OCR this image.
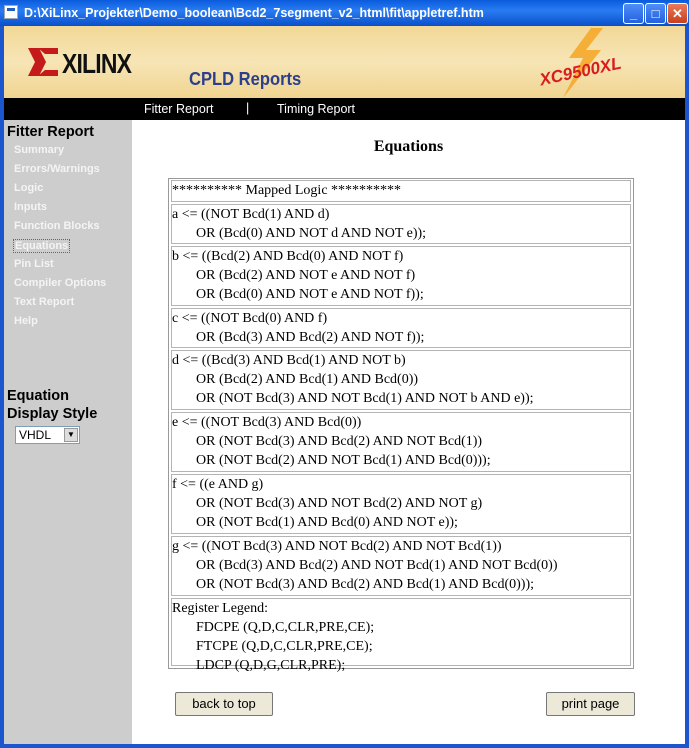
D:\XiLinx_Projekter\Demo_boolean\Bcd2_7segment_v2_html\fit\appletref.htm	_	□ ✕
XILINX	CPLD Reports	XC9500XL
Fitter Report	| Timing Report
Fitter Report
Summary
Errors/Warnings
Logic
Inputs
Function Blocks
Equations
Pin List
Compiler Options
Text Report
Help
Equation
Display Style
VHDL	▼
Equations
********** Mapped Logic **********
a <= ((NOT Bcd(1) AND d)
OR (Bcd(0) AND NOT d AND NOT e));
b <= ((Bcd(2) AND Bcd(0) AND NOT f)
OR (Bcd(2) AND NOT e AND NOT f)
OR (Bcd(0) AND NOT e AND NOT f));
c <= ((NOT Bcd(0) AND f)
OR (Bcd(3) AND Bcd(2) AND NOT f));
d <= ((Bcd(3) AND Bcd(1) AND NOT b)
OR (Bcd(2) AND Bcd(1) AND Bcd(0))
OR (NOT Bcd(3) AND NOT Bcd(1) AND NOT b AND e));
e <= ((NOT Bcd(3) AND Bcd(0))
OR (NOT Bcd(3) AND Bcd(2) AND NOT Bcd(1))
OR (NOT Bcd(2) AND NOT Bcd(1) AND Bcd(0)));
f <= ((e AND g)
OR (NOT Bcd(3) AND NOT Bcd(2) AND NOT g)
OR (NOT Bcd(1) AND Bcd(0) AND NOT e));
g <= ((NOT Bcd(3) AND NOT Bcd(2) AND NOT Bcd(1))
OR (Bcd(3) AND Bcd(2) AND NOT Bcd(1) AND NOT Bcd(0))
OR (NOT Bcd(3) AND Bcd(2) AND Bcd(1) AND Bcd(0)));
Register Legend:
FDCPE (Q,D,C,CLR,PRE,CE);
FTCPE (Q,D,C,CLR,PRE,CE);
LDCP (Q,D,G,CLR,PRE);
back to top	print page
